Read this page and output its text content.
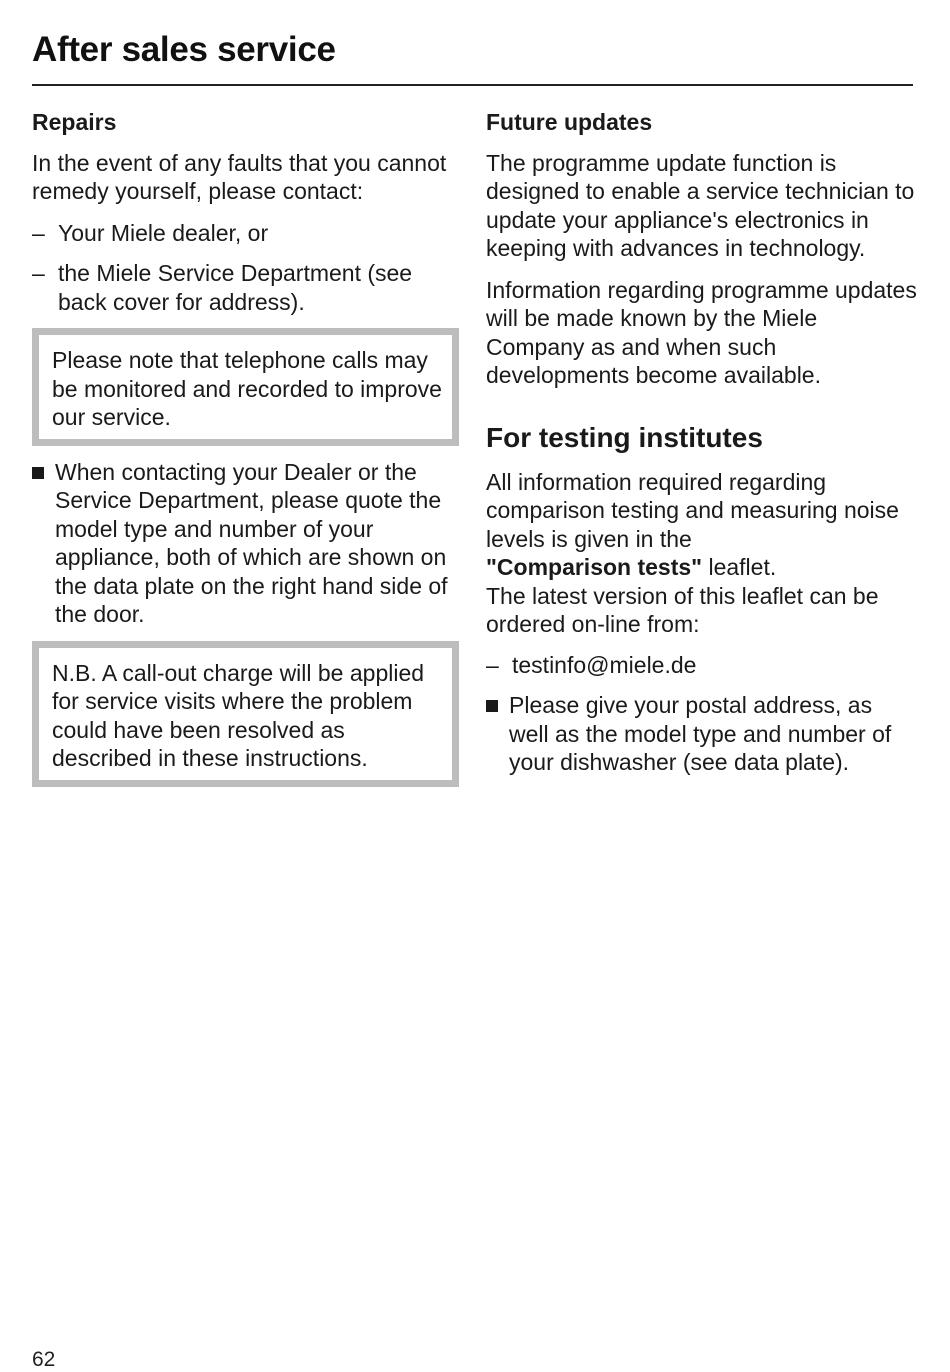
After sales service
Repairs

In the event of any faults that you cannot remedy yourself, please contact:

– Your Miele dealer, or
– the Miele Service Department (see back cover for address).
Please note that telephone calls may be monitored and recorded to improve our service.
When contacting your Dealer or the Service Department, please quote the model type and number of your appliance, both of which are shown on the data plate on the right hand side of the door.
N.B. A call-out charge will be applied for service visits where the problem could have been resolved as described in these instructions.
Future updates

The programme update function is designed to enable a service technician to update your appliance's electronics in keeping with advances in technology.

Information regarding programme updates will be made known by the Miele Company as and when such developments become available.

For testing institutes

All information required regarding comparison testing and measuring noise levels is given in the
"Comparison tests" leaflet.
The latest version of this leaflet can be ordered on-line from:

– testinfo@miele.de
Please give your postal address, as well as the model type and number of your dishwasher (see data plate).
62
